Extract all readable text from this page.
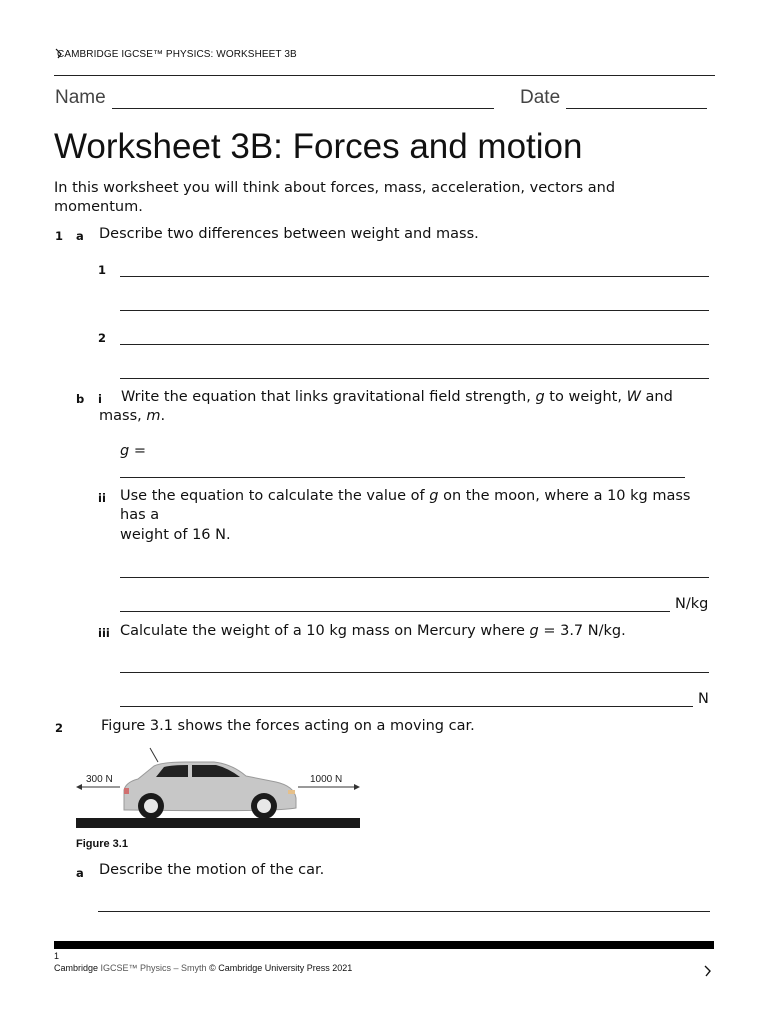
CAMBRIDGE IGCSE™ PHYSICS: WORKSHEET 3B
Name	Date
Worksheet 3B: Forces and motion
In this worksheet you will think about forces, mass, acceleration, vectors and momentum.
1 a Describe two differences between weight and mass.
1
2
b i	Write the equation that links gravitational field strength, g to weight, W and mass, m.
g =
ii Use the equation to calculate the value of g on the moon, where a 10 kg mass has a
weight of 16 N.
N/kg
iii Calculate the weight of a 10 kg mass on Mercury where g = 3.7 N/kg.
N
2	Figure 3.1 shows the forces acting on a moving car.
300 N	1000 N
Figure 3.1
a Describe the motion of the car.
1
Cambridge IGCSE™ Physics – Smyth © Cambridge University Press 2021
